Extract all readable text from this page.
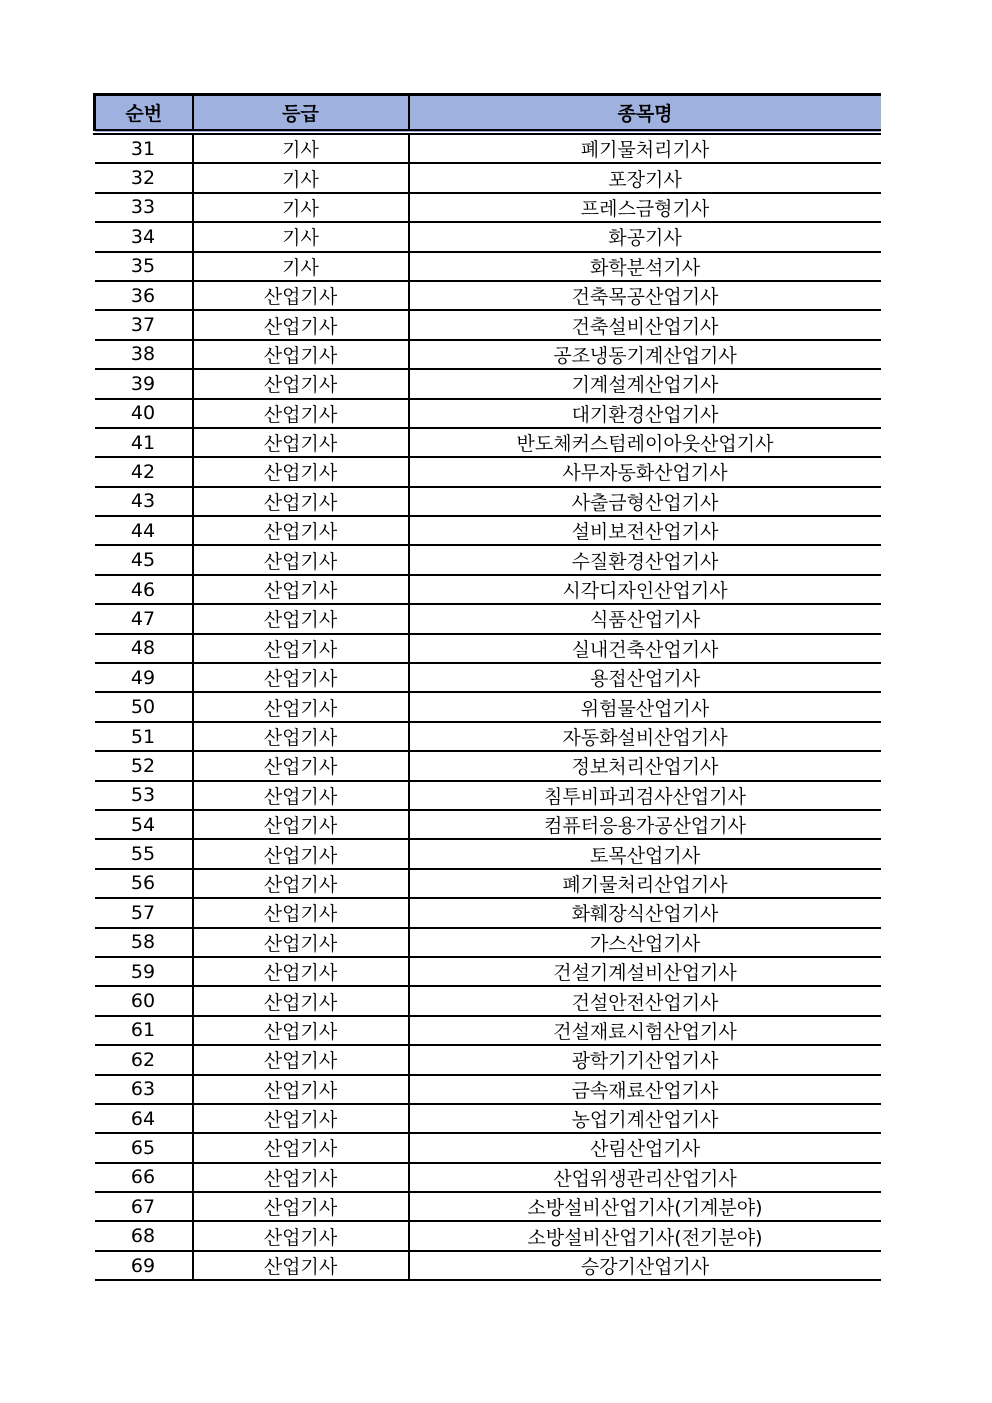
순번	등급	종목명
31	기사	폐기물처리기사
32	기사	포장기사
33	기사	프레스금형기사
34	기사	화공기사
35	기사	화학분석기사
36	산업기사	건축목공산업기사
37	산업기사	건축설비산업기사
38	산업기사	공조냉동기계산업기사
39	산업기사	기계설계산업기사
40	산업기사	대기환경산업기사
41	산업기사	반도체커스텀레이아웃산업기사
42	산업기사	사무자동화산업기사
43	산업기사	사출금형산업기사
44	산업기사	설비보전산업기사
45	산업기사	수질환경산업기사
46	산업기사	시각디자인산업기사
47	산업기사	식품산업기사
48	산업기사	실내건축산업기사
49	산업기사	용접산업기사
50	산업기사	위험물산업기사
51	산업기사	자동화설비산업기사
52	산업기사	정보처리산업기사
53	산업기사	침투비파괴검사산업기사
54	산업기사	컴퓨터응용가공산업기사
55	산업기사	토목산업기사
56	산업기사	폐기물처리산업기사
57	산업기사	화훼장식산업기사
58	산업기사	가스산업기사
59	산업기사	건설기계설비산업기사
60	산업기사	건설안전산업기사
61	산업기사	건설재료시험산업기사
62	산업기사	광학기기산업기사
63	산업기사	금속재료산업기사
64	산업기사	농업기계산업기사
65	산업기사	산림산업기사
66	산업기사	산업위생관리산업기사
67	산업기사	소방설비산업기사(기계분야)
68	산업기사	소방설비산업기사(전기분야)
69	산업기사	승강기산업기사
